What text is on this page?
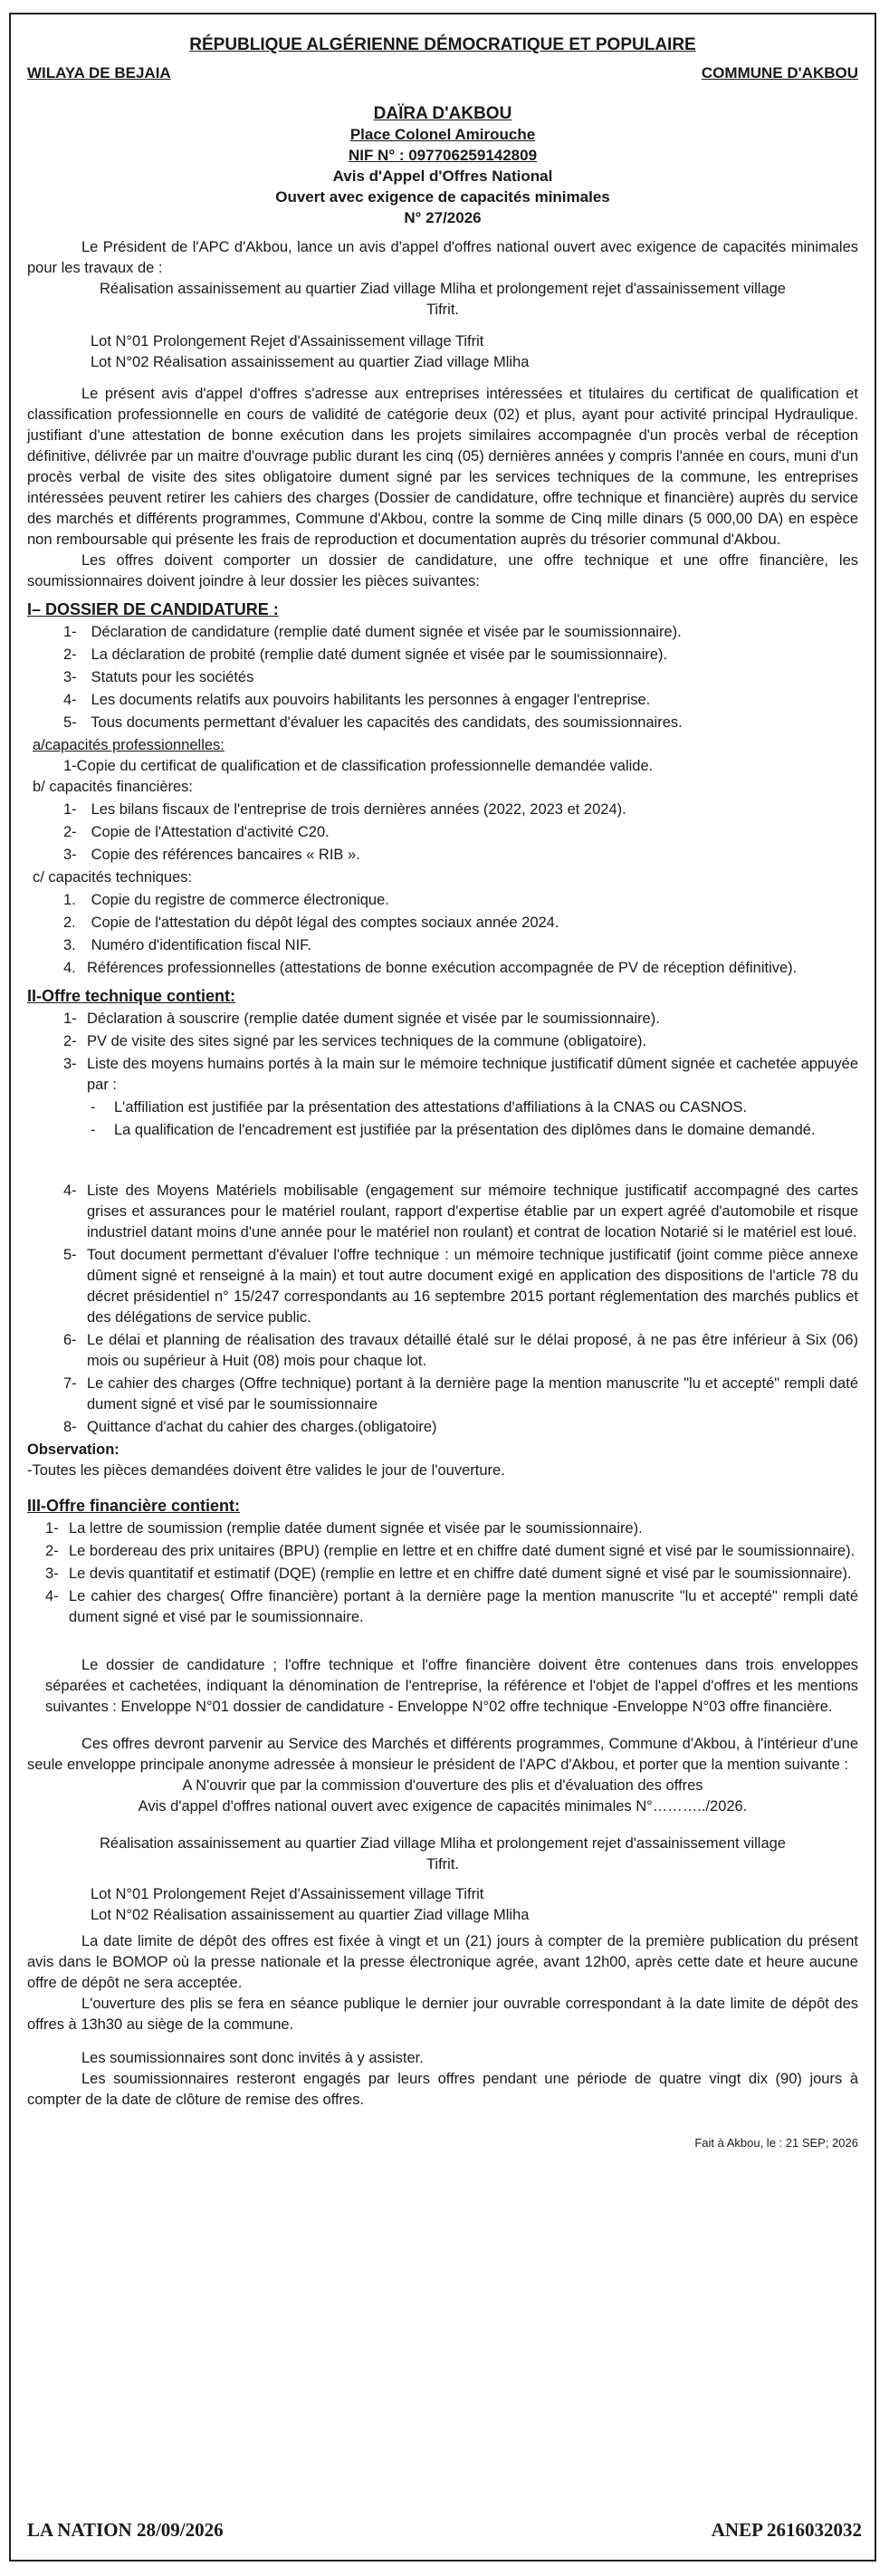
RÉPUBLIQUE ALGÉRIENNE DÉMOCRATIQUE ET POPULAIRE
WILAYA DE BEJAIA	COMMUNE D'AKBOU
DAÏRA D'AKBOU
Place Colonel Amirouche
NIF N° : 097706259142809
Avis d'Appel d'Offres National
Ouvert avec exigence de capacités minimales
N° 27/2026

Le Président de l'APC d'Akbou, lance un avis d'appel d'offres national ouvert avec exigence de capacités minimales pour les travaux de :

Réalisation assainissement au quartier Ziad village Mliha et prolongement rejet d'assainissement village Tifrit.
Lot N°01 Prolongement Rejet d'Assainissement village Tifrit
Lot N°02 Réalisation assainissement au quartier Ziad village Mliha

Le présent avis d'appel d'offres s'adresse aux entreprises intéressées et titulaires du certificat de qualification et classification professionnelle en cours de validité de catégorie deux (02) et plus, ayant pour activité principal Hydraulique. justifiant d'une attestation de bonne exécution dans les projets similaires accompagnée d'un procès verbal de réception définitive, délivrée par un maitre d'ouvrage public durant les cinq (05) dernières années y compris l'année en cours, muni d'un procès verbal de visite des sites obligatoire dument signé par les services techniques de la commune, les entreprises intéressées peuvent retirer les cahiers des charges (Dossier de candidature, offre technique et financière) auprès du service des marchés et différents programmes, Commune d'Akbou, contre la somme de Cinq mille dinars (5 000,00 DA) en espèce non remboursable qui présente les frais de reproduction et documentation auprès du trésorier communal d'Akbou.

Les offres doivent comporter un dossier de candidature, une offre technique et une offre financière, les soumissionnaires doivent joindre à leur dossier les pièces suivantes:

I– DOSSIER DE CANDIDATURE :
1- Déclaration de candidature (remplie daté dument signée et visée par le soumissionnaire).
2- La déclaration de probité (remplie daté dument signée et visée par le soumissionnaire).
3- Statuts pour les sociétés
4- Les documents relatifs aux pouvoirs habilitants les personnes à engager l'entreprise.
5- Tous documents permettant d'évaluer les capacités des candidats, des soumissionnaires.
a/capacités professionnelles:
1-Copie du certificat de qualification et de classification professionnelle demandée valide.
b/ capacités financières:
1- Les bilans fiscaux de l'entreprise de trois dernières années (2022, 2023 et 2024).
2- Copie de l'Attestation d'activité C20.
3- Copie des références bancaires « RIB ».
c/ capacités techniques:
1. Copie du registre de commerce électronique.
2. Copie de l'attestation du dépôt légal des comptes sociaux année 2024.
3. Numéro d'identification fiscal NIF.
4. Références professionnelles (attestations de bonne exécution accompagnée de PV de réception définitive).
II-Offre technique contient:
1- Déclaration à souscrire (remplie datée dument signée et visée par le soumissionnaire).
2- PV de visite des sites signé par les services techniques de la commune (obligatoire).
3- Liste des moyens humains portés à la main sur le mémoire technique justificatif dûment signée et cachetée appuyée par :
-	L'affiliation est justifiée par la présentation des attestations d'affiliations à la CNAS ou CASNOS.
-	La qualification de l'encadrement est justifiée par la présentation des diplômes dans le domaine demandé.
4- Liste des Moyens Matériels mobilisable (engagement sur mémoire technique justificatif accompagné des cartes grises et assurances pour le matériel roulant, rapport d'expertise établie par un expert agréé d'automobile et risque industriel datant moins d'une année pour le matériel non roulant) et contrat de location Notarié si le matériel est loué.
5- Tout document permettant d'évaluer l'offre technique : un mémoire technique justificatif (joint comme pièce annexe dûment signé et renseigné à la main) et tout autre document exigé en application des dispositions de l'article 78 du décret présidentiel n° 15/247 correspondants au 16 septembre 2015 portant réglementation des marchés publics et des délégations de service public.
6- Le délai et planning de réalisation des travaux détaillé étalé sur le délai proposé, à ne pas être inférieur à Six (06) mois ou supérieur à Huit (08) mois pour chaque lot.
7- Le cahier des charges (Offre technique) portant à la dernière page la mention manuscrite "lu et accepté" rempli daté dument signé et visé par le soumissionnaire
8- Quittance d'achat du cahier des charges.(obligatoire)
Observation:
-Toutes les pièces demandées doivent être valides le jour de l'ouverture.
III-Offre financière contient:
1- La lettre de soumission (remplie datée dument signée et visée par le soumissionnaire).
2- Le bordereau des prix unitaires (BPU) (remplie en lettre et en chiffre daté dument signé et visé par le soumissionnaire).
3- Le devis quantitatif et estimatif (DQE) (remplie en lettre et en chiffre daté dument signé et visé par le soumissionnaire).
4- Le cahier des charges( Offre financière) portant à la dernière page la mention manuscrite "lu et accepté" rempli daté dument signé et visé par le soumissionnaire.

Le dossier de candidature ; l'offre technique et l'offre financière doivent être contenues dans trois enveloppes séparées et cachetées, indiquant la dénomination de l'entreprise, la référence et l'objet de l'appel d'offres et les mentions suivantes : Enveloppe N°01 dossier de candidature - Enveloppe N°02 offre technique -Enveloppe N°03 offre financière.

Ces offres devront parvenir au Service des Marchés et différents programmes, Commune d'Akbou, à l'intérieur d'une seule enveloppe principale anonyme adressée à monsieur le président de l'APC d'Akbou, et porter que la mention suivante :

A N'ouvrir que par la commission d'ouverture des plis et d'évaluation des offres
Avis d'appel d'offres national ouvert avec exigence de capacités minimales N°………../2026.
Réalisation assainissement au quartier Ziad village Mliha et prolongement rejet d'assainissement village Tifrit.
Lot N°01 Prolongement Rejet d'Assainissement village Tifrit
Lot N°02 Réalisation assainissement au quartier Ziad village Mliha

La date limite de dépôt des offres est fixée à vingt et un (21) jours à compter de la première publication du présent avis dans le BOMOP où la presse nationale et la presse électronique agrée, avant 12h00, après cette date et heure aucune offre de dépôt ne sera acceptée.

L'ouverture des plis se fera en séance publique le dernier jour ouvrable correspondant à la date limite de dépôt des offres à 13h30 au siège de la commune.

Les soumissionnaires sont donc invités à y assister.

Les soumissionnaires resteront engagés par leurs offres pendant une période de quatre vingt dix (90) jours à compter de la date de clôture de remise des offres.

Fait à Akbou, le : 21 SEP; 2026
LA NATION 28/09/2026	ANEP 2616032032
